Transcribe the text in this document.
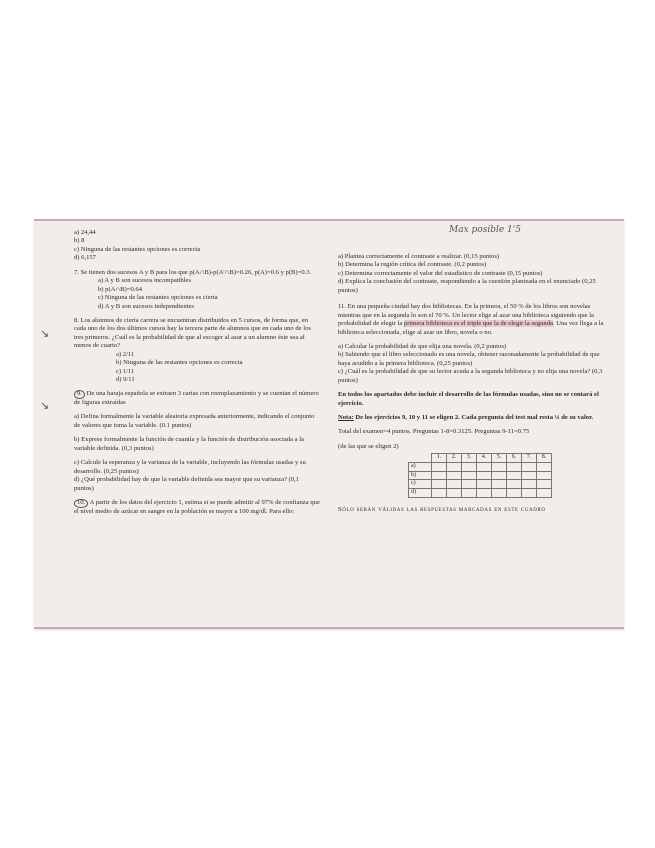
Max posible 1'5
↘
↘
a) 24,44
b) 8
c) Ninguna de las restantes opciones es correcta
d) 6,157
7. Se tienen dos sucesos A y B para los que p(A∩B)-p(A'∩B)=0.26, p(A)=0.6 y p(B)=0.3.
a) A y B son sucesos incompatibles
b) p(A∩B)=0.64
c) Ninguna de las restantes opciones es cierta
d) A y B son sucesos independientes
8. Los alumnos de cierta carrera se encuentran distribuidos en 5 cursos, de forma que, en cada uno de los dos últimos cursos hay la tercera parte de alumnos que en cada uno de los tres primeros. ¿Cuál es la probabilidad de que al escoger al azar a un alumno éste sea al menos de cuarto?
a) 2/11
b) Ninguna de las restantes opciones es correcta
c) 1/11
d) 9/11
9. De una baraja española se extraen 3 cartas con reemplazamiento y se cuentan el número de figuras extraídas
a) Defina formalmente la variable aleatoria expresada anteriormente, indicando el conjunto de valores que toma la variable. (0.1 puntos)
b) Exprese formalmente la función de cuantía y la función de distribución asociada a la variable definida. (0,3 puntos)
c) Calcule la esperanza y la varianza de la variable, incluyendo las fórmulas usadas y su desarrollo. (0,25 puntos)
d) ¿Qué probabilidad hay de que la variable definida sea mayor que su varianza? (0,1 puntos)
10. A partir de los datos del ejercicio 1, estima si se puede admitir al 97% de confianza que el nivel medio de azúcar en sangre en la población es mayor a 100 mg/dl. Para ello:
a) Plantea correctamente el contraste a realizar. (0,15 puntos)
b) Determina la región crítica del contraste. (0,2 puntos)
c) Determina correctamente el valor del estadístico de contraste (0,15 puntos)
d) Explica la conclusión del contraste, respondiendo a la cuestión planteada en el enunciado (0,25 puntos)
11. En una pequeña ciudad hay dos bibliotecas. En la primera, el 50 % de los libros son novelas mientras que en la segunda lo son el 70 %. Un lector elige al azar una biblioteca siguiendo que la probabilidad de elegir la primera biblioteca es el triple que la de elegir la segunda. Una vez llega a la biblioteca seleccionada, elige al azar un libro, novela o no.
a) Calcular la probabilidad de que elija una novela. (0,2 puntos)
b) Sabiendo que el libro seleccionado es una novela, obtener razonadamente la probabilidad de que haya acudido a la primera biblioteca. (0,25 puntos)
c) ¿Cuál es la probabilidad de que su lector acuda a la segunda biblioteca y no elija una novela? (0,3 puntos)
En todos los apartados debe incluir el desarrollo de las fórmulas usadas, sino no se contará el ejercicio.
Nota: De los ejercicios 9, 10 y 11 se eligen 2. Cada pregunta del test mal resta ¼ de su valor.
Total del examen=4 puntos. Preguntas 1-8=0.3125. Preguntas 9-11=0.75
(de las que se eligen 2)
	1.	2.	3.	4.	5.	6.	7.	8.
a)								
b)								
c)								
d)								
Sólo serán válidas las respuestas marcadas en este cuadro
